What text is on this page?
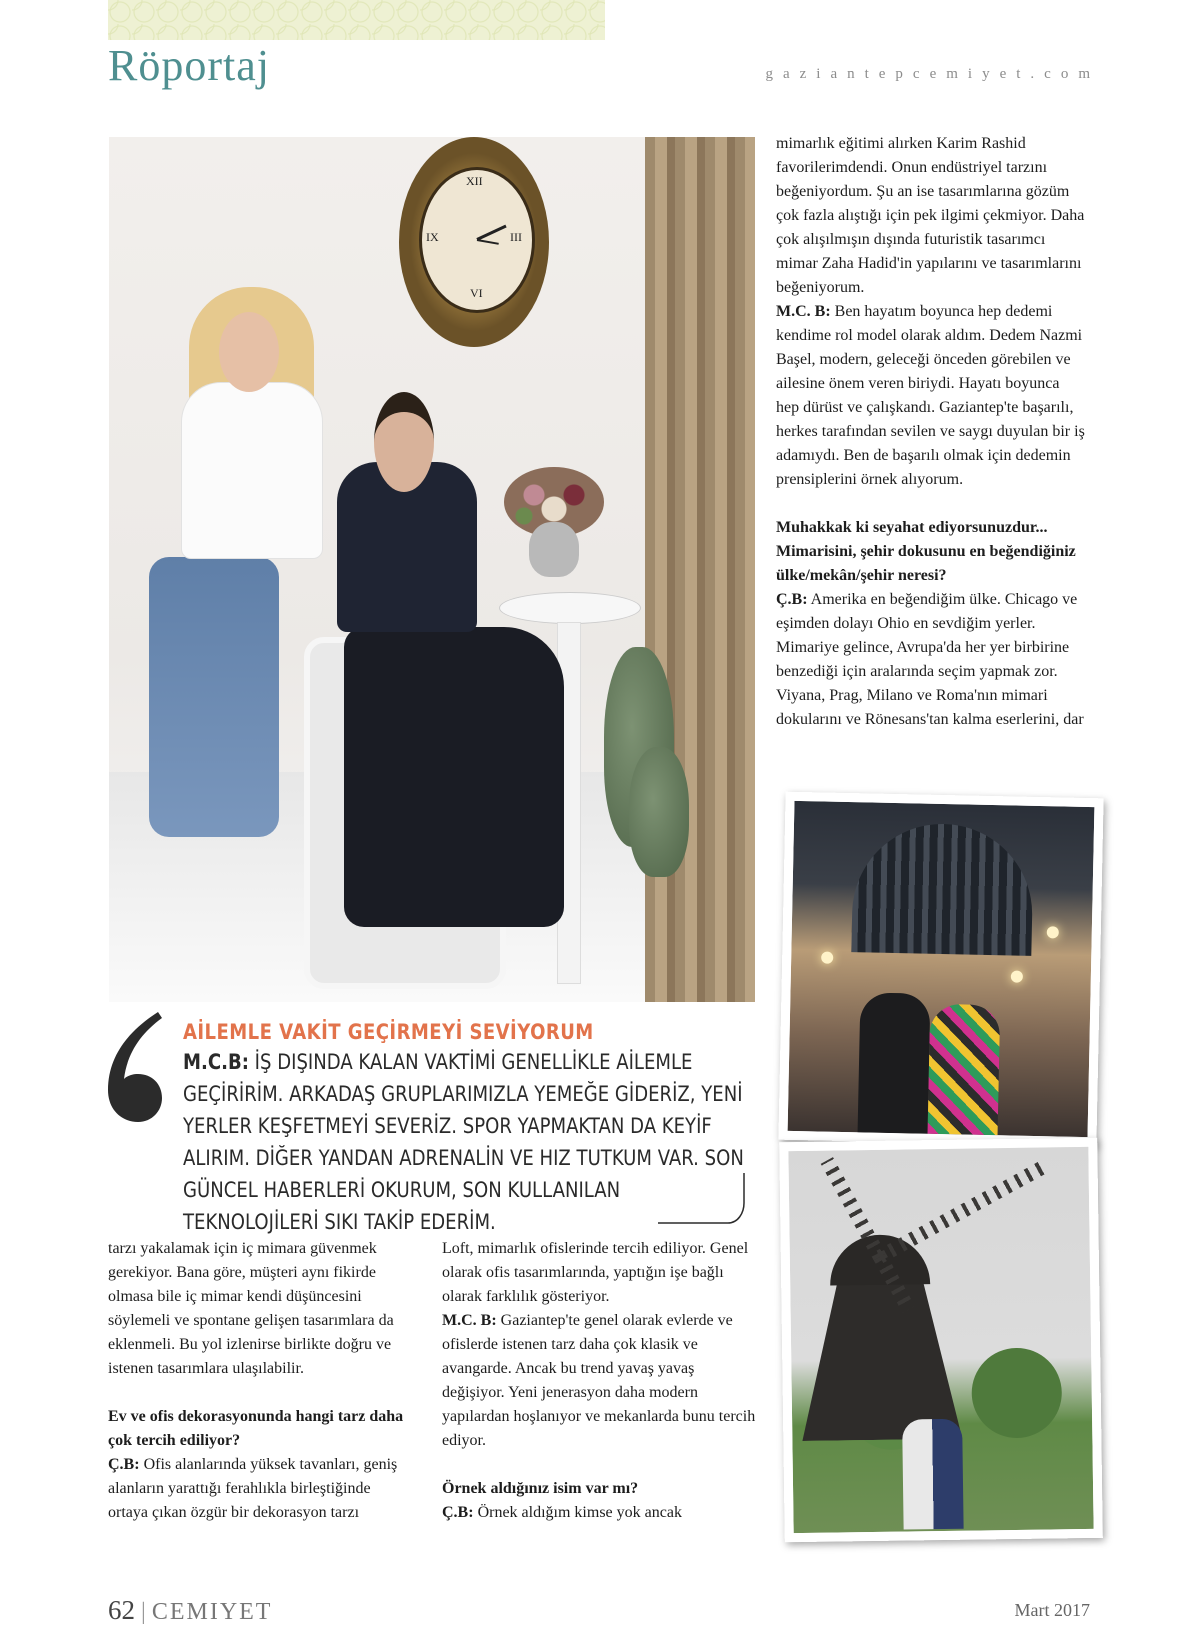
Röportaj	gaziantepcemiyet.com
XII
III
VI
IX

mimarlık eğitimi alırken Karim Rashid favorilerimdendi. Onun endüstriyel tarzını beğeniyordum. Şu an ise tasarımlarına gözüm çok fazla alıştığı için pek ilgimi çekmiyor. Daha çok alışılmışın dışında futuristik tasarımcı mimar Zaha Hadid'in yapılarını ve tasarımlarını beğeniyorum.

M.C. B: Ben hayatım boyunca hep dedemi kendime rol model olarak aldım. Dedem Nazmi Başel, modern, geleceği önceden görebilen ve ailesine önem veren biriydi. Hayatı boyunca hep dürüst ve çalışkandı. Gaziantep'te başarılı, herkes tarafından sevilen ve saygı duyulan bir iş adamıydı. Ben de başarılı olmak için dedemin prensiplerini örnek alıyorum.

Muhakkak ki seyahat ediyorsunuzdur... Mimarisini, şehir dokusunu en beğendiğiniz ülke/mekân/şehir neresi?

Ç.B: Amerika en beğendiğim ülke. Chicago ve eşimden dolayı Ohio en sevdiğim yerler. Mimariye gelince, Avrupa'da her yer birbirine benzediği için aralarında seçim yapmak zor. Viyana, Prag, Milano ve Roma'nın mimari dokularını ve Rönesans'tan kalma eserlerini, dar

AİLEMLE VAKİT GEÇİRMEYİ SEVİYORUM
M.C.B: İŞ DIŞINDA KALAN VAKTİMİ GENELLİKLE AİLEMLE GEÇİRİRİM. ARKADAŞ GRUPLARIMIZLA YEMEĞE GİDERİZ, YENİ YERLER KEŞFETMEYİ SEVERİZ. SPOR YAPMAKTAN DA KEYİF ALIRIM. DİĞER YANDAN ADRENALİN VE HIZ TUTKUM VAR. SON GÜNCEL HABERLERİ OKURUM, SON KULLANILAN TEKNOLOJİLERİ SIKI TAKİP EDERİM.

tarzı yakalamak için iç mimara güvenmek gerekiyor. Bana göre, müşteri aynı fikirde olmasa bile iç mimar kendi düşüncesini söylemeli ve spontane gelişen tasarımlara da eklenmeli. Bu yol izlenirse birlikte doğru ve istenen tasarımlara ulaşılabilir.

Ev ve ofis dekorasyonunda hangi tarz daha çok tercih ediliyor?

Ç.B: Ofis alanlarında yüksek tavanları, geniş alanların yarattığı ferahlıkla birleştiğinde ortaya çıkan özgür bir dekorasyon tarzı

Loft, mimarlık ofislerinde tercih ediliyor. Genel olarak ofis tasarımlarında, yaptığın işe bağlı olarak farklılık gösteriyor.

M.C. B: Gaziantep'te genel olarak evlerde ve ofislerde istenen tarz daha çok klasik ve avangarde. Ancak bu trend yavaş yavaş değişiyor. Yeni jenerasyon daha modern yapılardan hoşlanıyor ve mekanlarda bunu tercih ediyor.

Örnek aldığınız isim var mı?

Ç.B: Örnek aldığım kimse yok ancak

62 | CEMIYET	Mart 2017
